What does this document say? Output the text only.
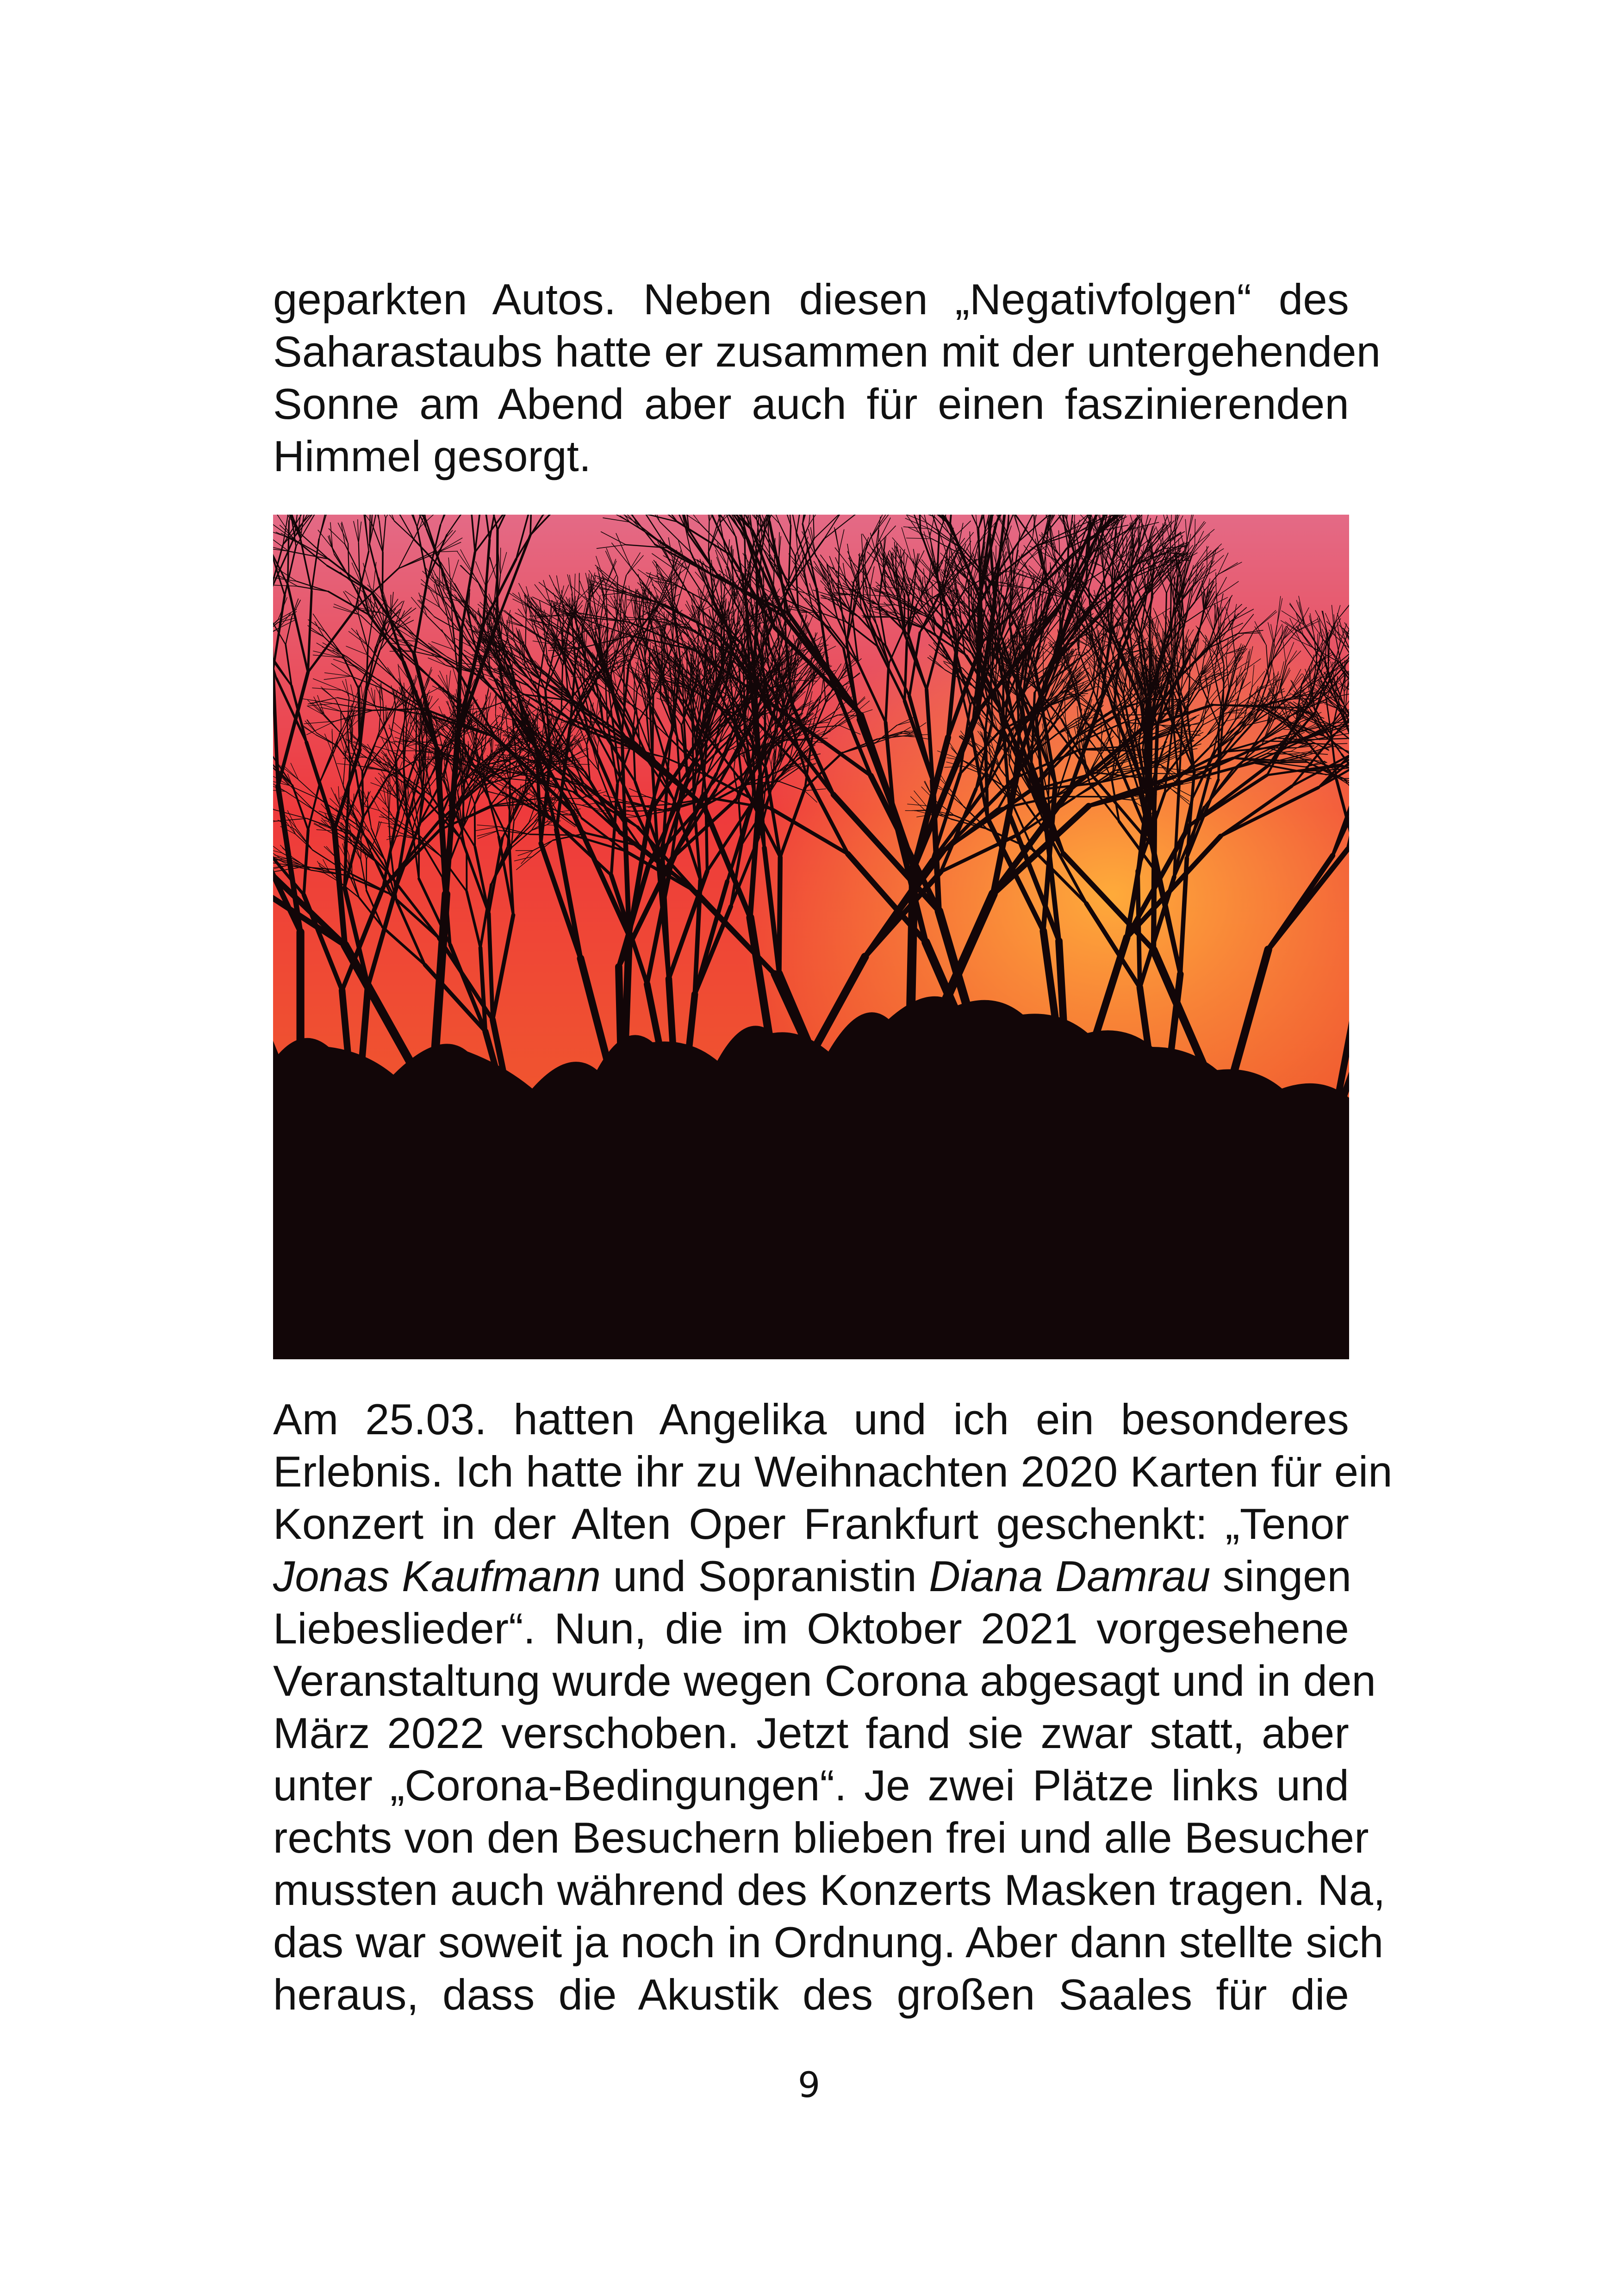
geparkten Autos. Neben diesen „Negativfolgen“ des
Saharastaubs hatte er zusammen mit der untergehenden
Sonne am Abend aber auch für einen faszinierenden
Himmel gesorgt.

Am 25.03. hatten Angelika und ich ein besonderes
Erlebnis. Ich hatte ihr zu Weihnachten 2020 Karten für ein
Konzert in der Alten Oper Frankfurt geschenkt: „Tenor
Jonas Kaufmann und Sopranistin Diana Damrau singen
Liebeslieder“. Nun, die im Oktober 2021 vorgesehene
Veranstaltung wurde wegen Corona abgesagt und in den
März 2022 verschoben. Jetzt fand sie zwar statt, aber
unter „Corona-Bedingungen“. Je zwei Plätze links und
rechts von den Besuchern blieben frei und alle Besucher
mussten auch während des Konzerts Masken tragen. Na,
das war soweit ja noch in Ordnung. Aber dann stellte sich
heraus, dass die Akustik des großen Saales für die

9
